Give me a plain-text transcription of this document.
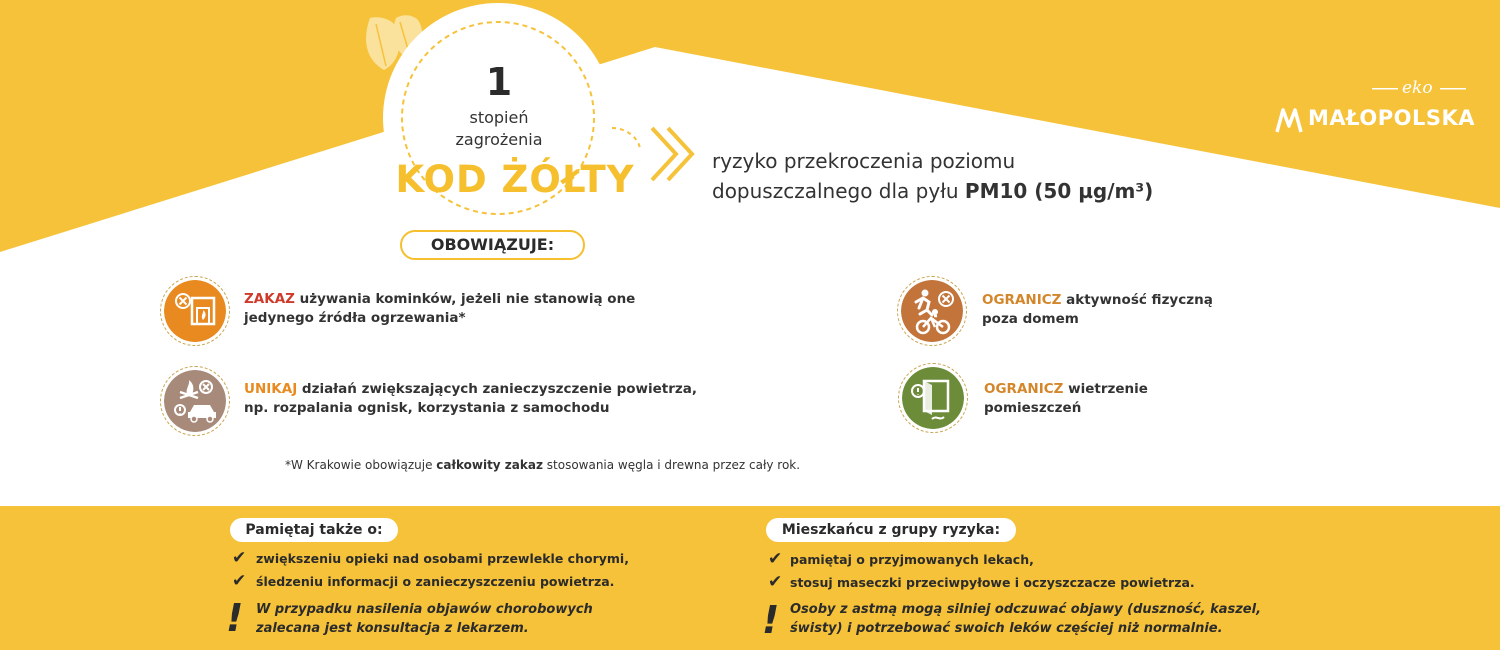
1
stopień
zagrożenia
KOD ŻÓŁTY	ryzyko przekroczenia poziomu
dopuszczalnego dla pyłu PM10 (50 µg/m³)
eko
MAŁOPOLSKA
OBOWIĄZUJE:
ZAKAZ używania kominków, jeżeli nie stanowią one
jedynego źródła ogrzewania*
UNIKAJ działań zwiększających zanieczyszczenie powietrza,
np. rozpalania ognisk, korzystania z samochodu
OGRANICZ aktywność fizyczną
poza domem
OGRANICZ wietrzenie
pomieszczeń
*W Krakowie obowiązuje całkowity zakaz stosowania węgla i drewna przez cały rok.
Pamiętaj także o:
✔ zwiększeniu opieki nad osobami przewlekle chorymi,
✔ śledzeniu informacji o zanieczyszczeniu powietrza.
! W przypadku nasilenia objawów chorobowych
zalecana jest konsultacja z lekarzem.
Mieszkańcu z grupy ryzyka:
✔ pamiętaj o przyjmowanych lekach,
✔ stosuj maseczki przeciwpyłowe i oczyszczacze powietrza.
! Osoby z astmą mogą silniej odczuwać objawy (duszność, kaszel,
świsty) i potrzebować swoich leków częściej niż normalnie.
